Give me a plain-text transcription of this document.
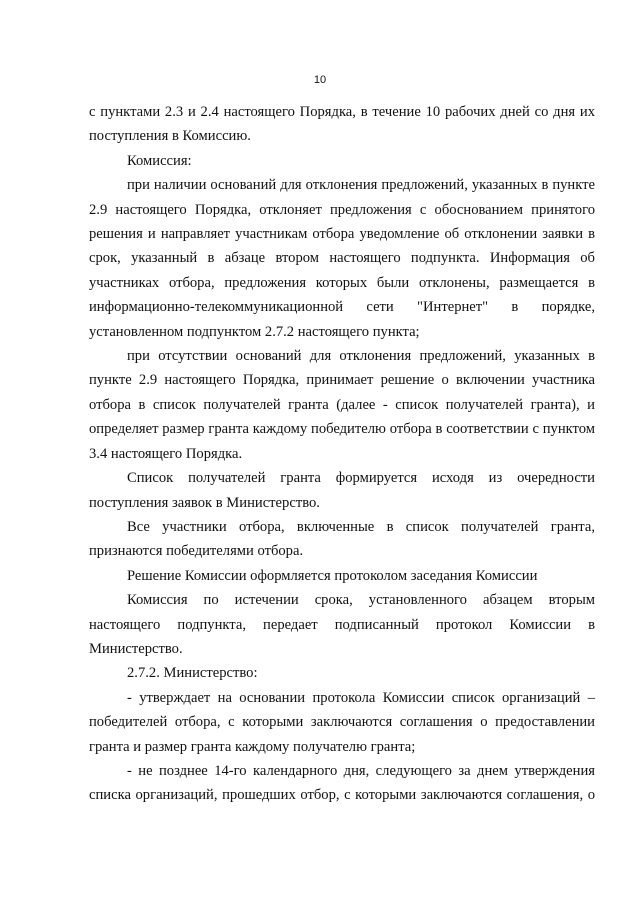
10

с пунктами 2.3 и 2.4 настоящего Порядка, в течение 10 рабочих дней со дня их поступления в Комиссию.

Комиссия:

при наличии оснований для отклонения предложений, указанных в пункте 2.9 настоящего Порядка, отклоняет предложения с обоснованием принятого решения и направляет участникам отбора уведомление об отклонении заявки в срок, указанный в абзаце втором настоящего подпункта. Информация об участниках отбора, предложения которых были отклонены, размещается в информационно-телекоммуникационной сети "Интернет" в порядке, установленном подпунктом 2.7.2 настоящего пункта;

при отсутствии оснований для отклонения предложений, указанных в пункте 2.9 настоящего Порядка, принимает решение о включении участника отбора в список получателей гранта (далее - список получателей гранта), и определяет размер гранта каждому победителю отбора в соответствии с пунктом 3.4 настоящего Порядка.

Список получателей гранта формируется исходя из очередности поступления заявок в Министерство.

Все участники отбора, включенные в список получателей гранта, признаются победителями отбора.

Решение Комиссии оформляется протоколом заседания Комиссии

Комиссия по истечении срока, установленного абзацем вторым настоящего подпункта, передает подписанный протокол Комиссии в Министерство.

2.7.2. Министерство:

- утверждает на основании протокола Комиссии список организаций – победителей отбора, с которыми заключаются соглашения о предоставлении гранта и размер гранта каждому получателю гранта;

- не позднее 14-го календарного дня, следующего за днем утверждения списка организаций, прошедших отбор, с которыми заключаются соглашения, о
